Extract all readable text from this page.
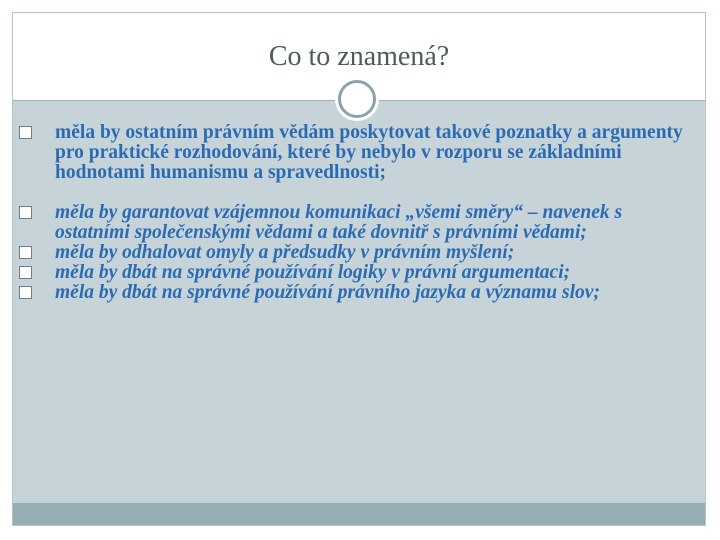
Co to znamená?
měla by ostatním právním vědám poskytovat takové poznatky a argumenty pro praktické rozhodování, které by nebylo v rozporu se základními hodnotami humanismu a spravedlnosti;
měla by garantovat vzájemnou komunikaci „všemi směry“ – navenek s ostatními společenskými vědami a také dovnitř s právními vědami;
měla by odhalovat omyly a předsudky v právním myšlení;
měla by dbát na správné používání logiky v právní argumentaci;
měla by dbát na správné používání právního jazyka a významu slov;
